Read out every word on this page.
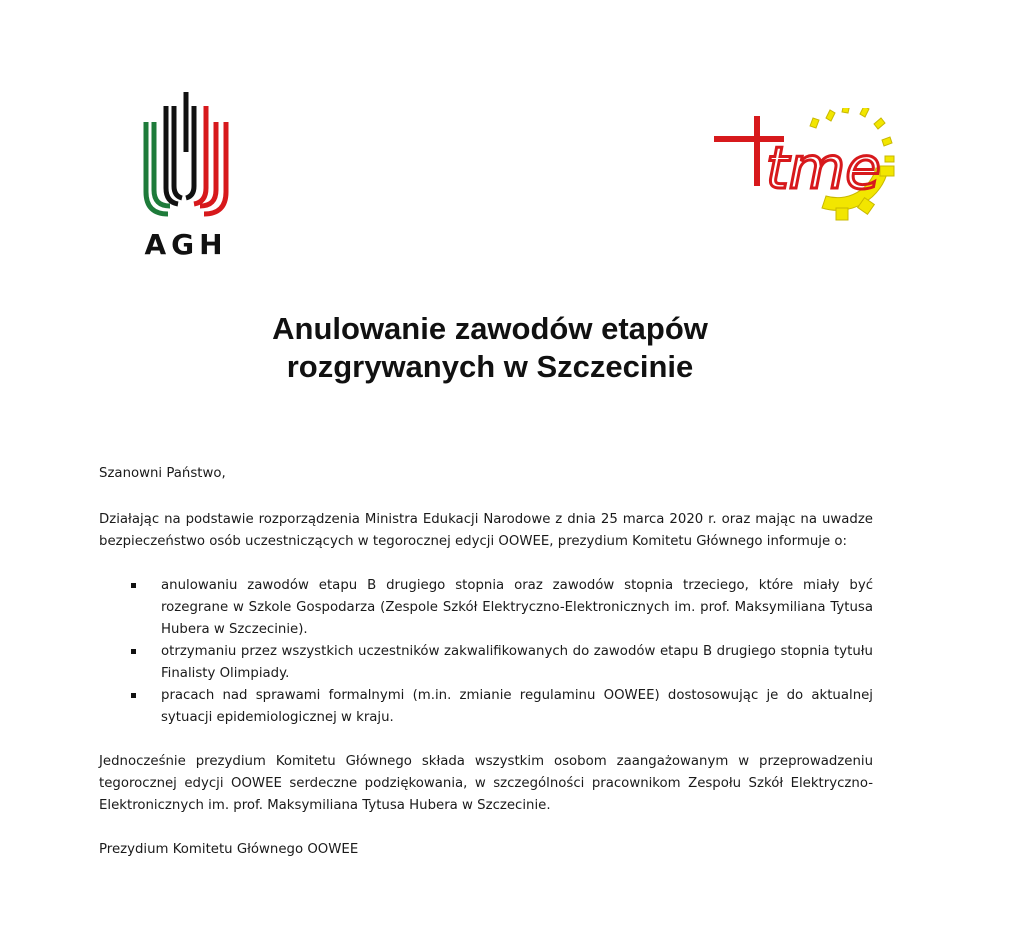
AGH
tme
Anulowanie zawodów etapów
rozgrywanych w Szczecinie

Szanowni Państwo,

Działając na podstawie rozporządzenia Ministra Edukacji Narodowe z dnia 25 marca 2020 r. oraz mając na uwadze bezpieczeństwo osób uczestniczących w tegorocznej edycji OOWEE, prezydium Komitetu Głównego informuje o:

anulowaniu zawodów etapu B drugiego stopnia oraz zawodów stopnia trzeciego, które miały być rozegrane w Szkole Gospodarza (Zespole Szkół Elektryczno-Elektronicznych im. prof. Maksymiliana Tytusa Hubera w Szczecinie).
otrzymaniu przez wszystkich uczestników zakwalifikowanych do zawodów etapu B drugiego stopnia tytułu Finalisty Olimpiady.
pracach nad sprawami formalnymi (m.in. zmianie regulaminu OOWEE) dostosowując je do aktualnej sytuacji epidemiologicznej w kraju.

Jednocześnie prezydium Komitetu Głównego składa wszystkim osobom zaangażowanym w przeprowadzeniu tegorocznej edycji OOWEE serdeczne podziękowania, w szczególności pracownikom Zespołu Szkół Elektryczno-Elektronicznych im. prof. Maksymiliana Tytusa Hubera w Szczecinie.

Prezydium Komitetu Głównego OOWEE
